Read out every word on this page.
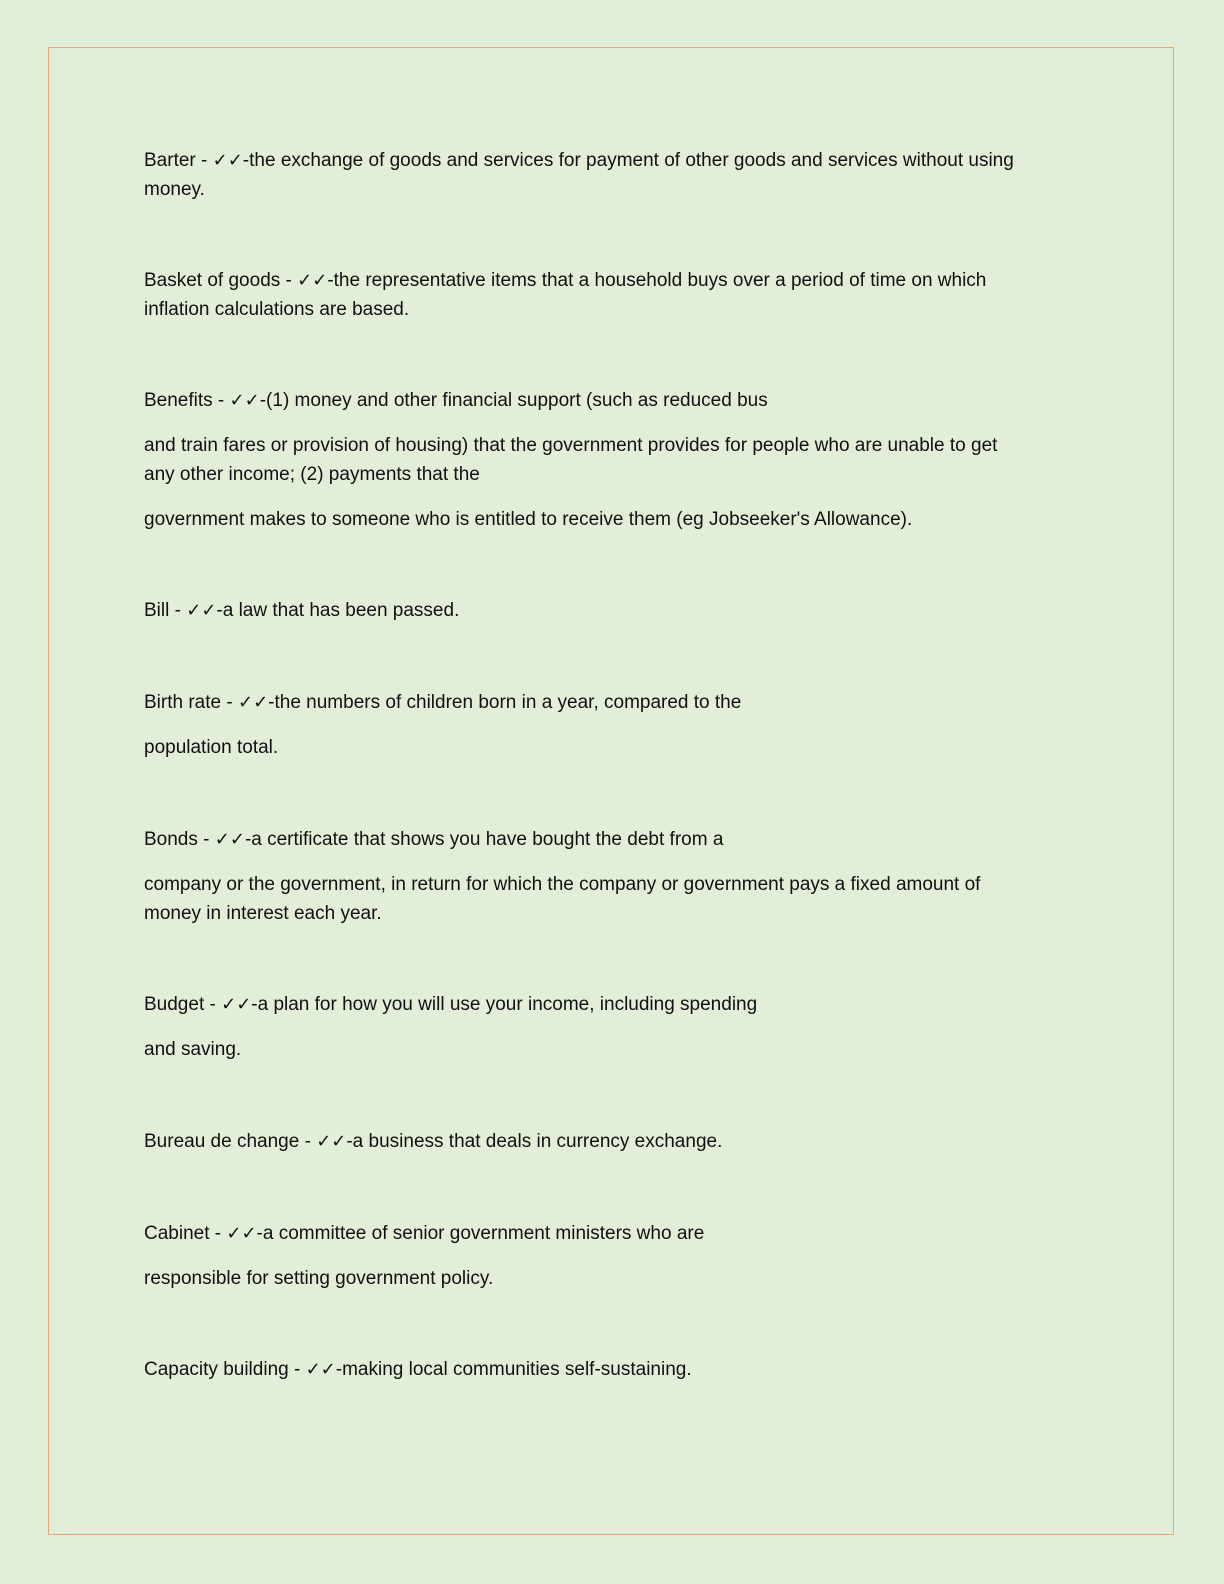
Barter - ✓✓-the exchange of goods and services for payment of other goods and services without using

money.

Basket of goods - ✓✓-the representative items that a household buys over a period of time on which

inflation calculations are based.

Benefits - ✓✓-(1) money and other financial support (such as reduced bus

and train fares or provision of housing) that the government provides for people who are unable to get

any other income; (2) payments that the

government makes to someone who is entitled to receive them (eg Jobseeker's Allowance).

Bill - ✓✓-a law that has been passed.

Birth rate - ✓✓-the numbers of children born in a year, compared to the

population total.

Bonds - ✓✓-a certificate that shows you have bought the debt from a

company or the government, in return for which the company or government pays a fixed amount of

money in interest each year.

Budget - ✓✓-a plan for how you will use your income, including spending

and saving.

Bureau de change - ✓✓-a business that deals in currency exchange.

Cabinet - ✓✓-a committee of senior government ministers who are

responsible for setting government policy.

Capacity building - ✓✓-making local communities self-sustaining.
